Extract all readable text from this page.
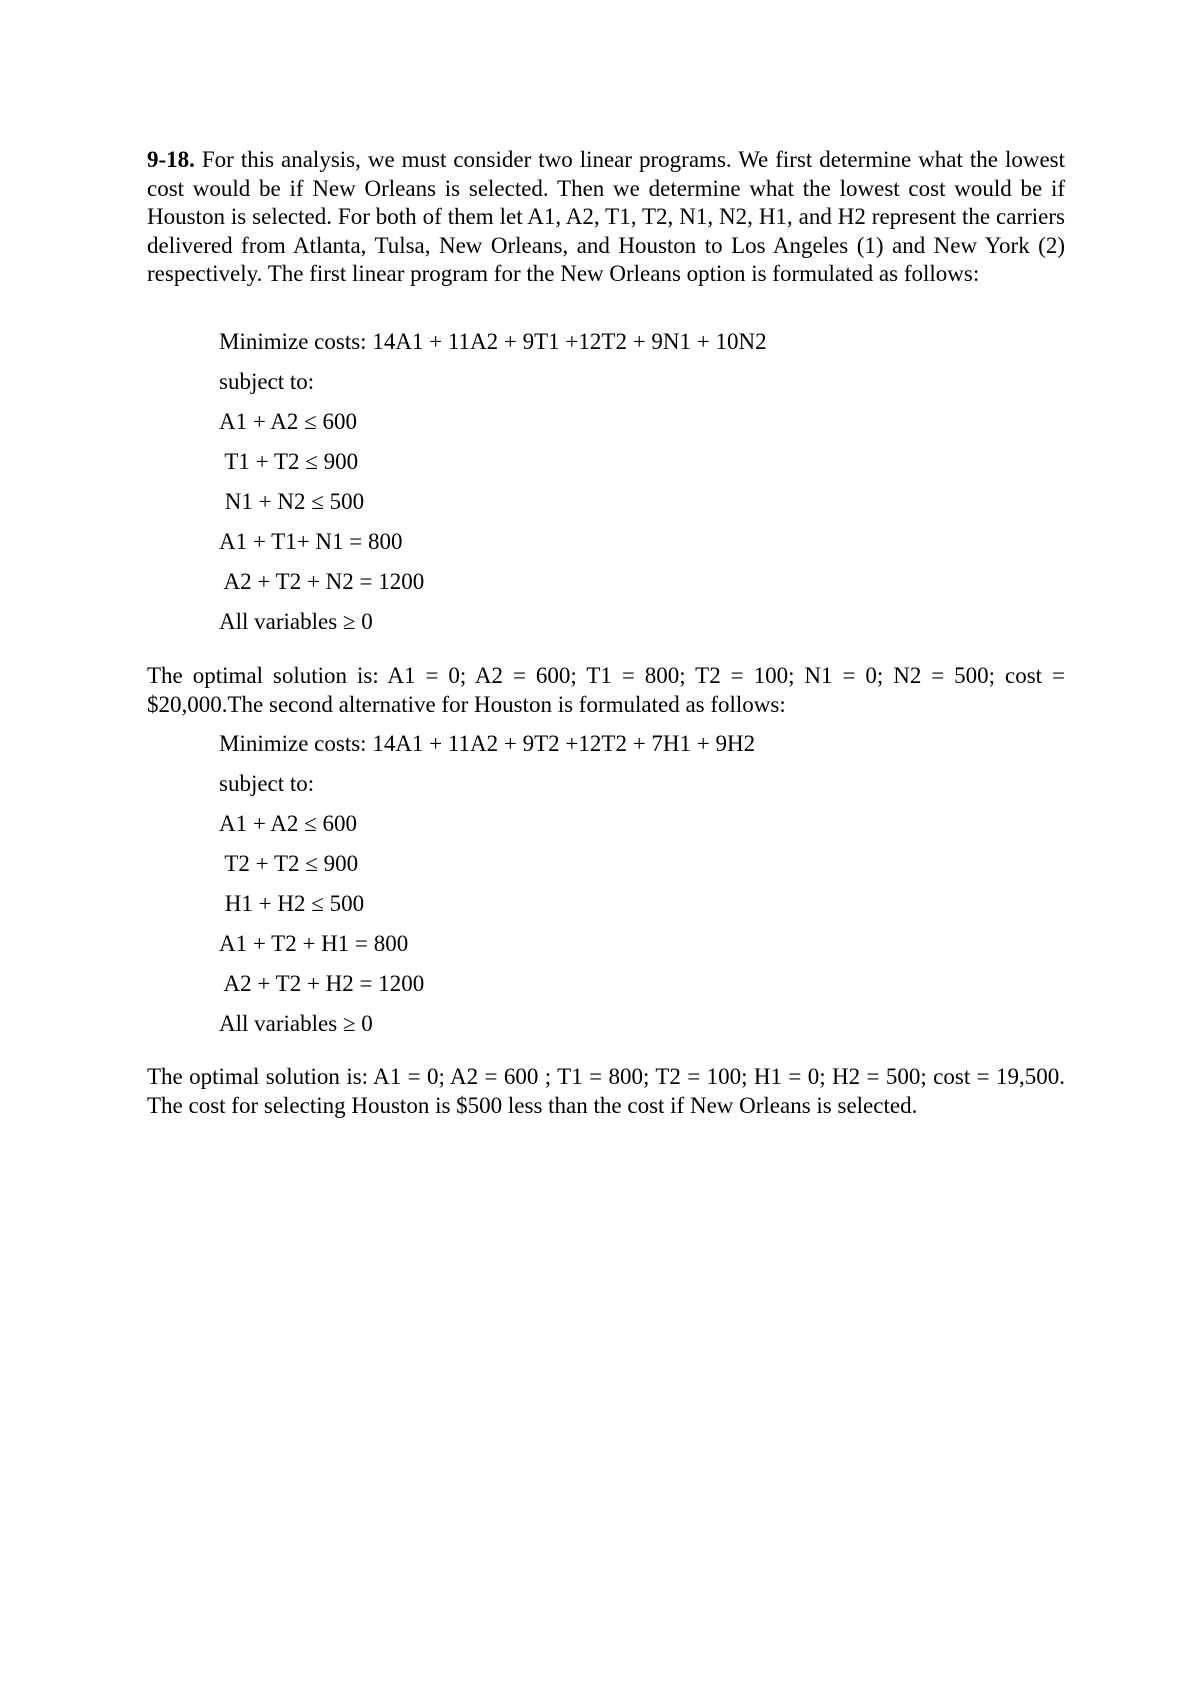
9-18. For this analysis, we must consider two linear programs. We first determine what the lowest cost would be if New Orleans is selected. Then we determine what the lowest cost would be if Houston is selected. For both of them let A1, A2, T1, T2, N1, N2, H1, and H2 represent the carriers delivered from Atlanta, Tulsa, New Orleans, and Houston to Los Angeles (1) and New York (2) respectively. The first linear program for the New Orleans option is formulated as follows:

Minimize costs: 14A1 + 11A2 + 9T1 +12T2 + 9N1 + 10N2
subject to:
A1 + A2 ≤ 600
T1 + T2 ≤ 900
N1 + N2 ≤ 500
A1 + T1+ N1 = 800
A2 + T2 + N2 = 1200
All variables ≥ 0

The optimal solution is: A1 = 0; A2 = 600; T1 = 800; T2 = 100; N1 = 0; N2 = 500; cost = $20,000.The second alternative for Houston is formulated as follows:

Minimize costs: 14A1 + 11A2 + 9T2 +12T2 + 7H1 + 9H2
subject to:
A1 + A2 ≤ 600
T2 + T2 ≤ 900
H1 + H2 ≤ 500
A1 + T2 + H1 = 800
A2 + T2 + H2 = 1200
All variables ≥ 0

The optimal solution is: A1 = 0; A2 = 600 ; T1 = 800; T2 = 100; H1 = 0; H2 = 500; cost = 19,500. The cost for selecting Houston is $500 less than the cost if New Orleans is selected.
